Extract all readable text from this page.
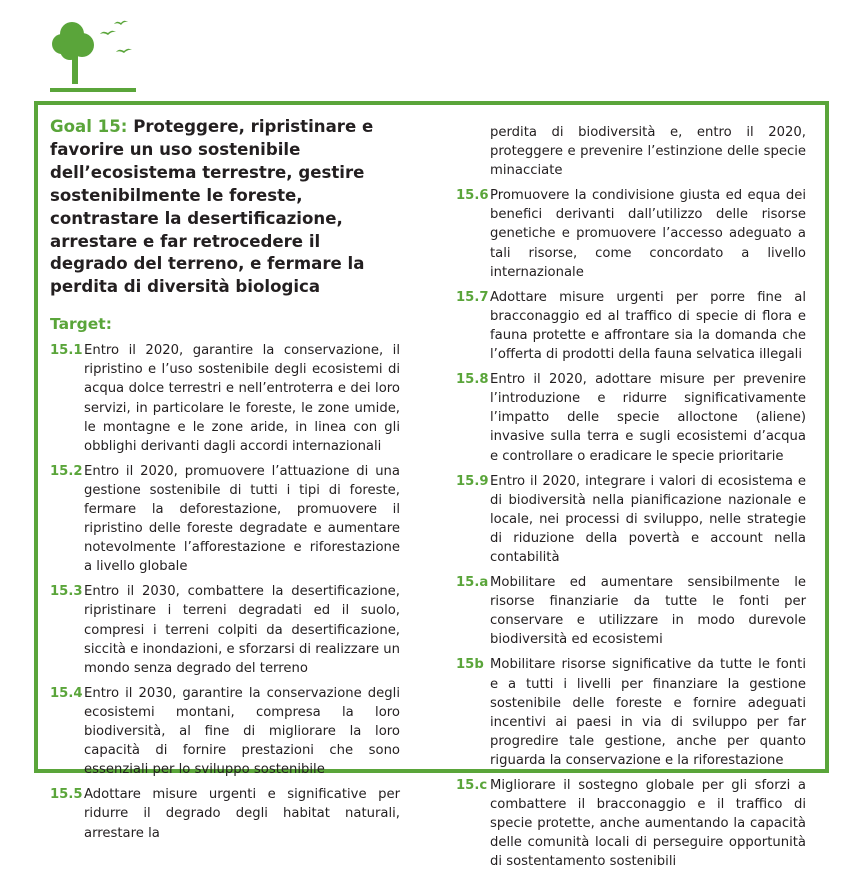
Goal 15: Proteggere, ripristinare e favorire un uso sostenibile dell’ecosistema terrestre, gestire sostenibilmente le foreste, contrastare la desertificazione, arrestare e far retrocedere il degrado del terreno, e fermare la perdita di diversità biologica
Target:
15.1 Entro il 2020, garantire la conservazione, il ripristino e l’uso sostenibile degli ecosistemi di acqua dolce terrestri e nell’entroterra e dei loro servizi, in particolare le foreste, le zone umide, le montagne e le zone aride, in linea con gli obblighi derivanti dagli accordi internazionali
15.2 Entro il 2020, promuovere l’attuazione di una gestione sostenibile di tutti i tipi di foreste, fermare la deforestazione, promuovere il ripristino delle foreste degradate e aumentare notevolmente l’afforestazione e riforestazione a livello globale
15.3 Entro il 2030, combattere la desertificazione, ripristinare i terreni degradati ed il suolo, compresi i terreni colpiti da desertificazione, siccità e inondazioni, e sforzarsi di realizzare un mondo senza degrado del terreno
15.4 Entro il 2030, garantire la conservazione degli ecosistemi montani, compresa la loro biodiversità, al fine di migliorare la loro capacità di fornire prestazioni che sono essenziali per lo sviluppo sostenibile
15.5 Adottare misure urgenti e significative per ridurre il degrado degli habitat naturali, arrestare la
perdita di biodiversità e, entro il 2020, proteggere e prevenire l’estinzione delle specie minacciate
15.6 Promuovere la condivisione giusta ed equa dei benefici derivanti dall’utilizzo delle risorse genetiche e promuovere l’accesso adeguato a tali risorse, come concordato a livello internazionale
15.7 Adottare misure urgenti per porre fine al bracconaggio ed al traffico di specie di flora e fauna protette e affrontare sia la domanda che l’offerta di prodotti della fauna selvatica illegali
15.8 Entro il 2020, adottare misure per prevenire l’introduzione e ridurre significativamente l’impatto delle specie alloctone (aliene) invasive sulla terra e sugli ecosistemi d’acqua e controllare o eradicare le specie prioritarie
15.9 Entro il 2020, integrare i valori di ecosistema e di biodiversità nella pianificazione nazionale e locale, nei processi di sviluppo, nelle strategie di riduzione della povertà e account nella contabilità
15.a Mobilitare ed aumentare sensibilmente le risorse finanziarie da tutte le fonti per conservare e utilizzare in modo durevole biodiversità ed ecosistemi
15b Mobilitare risorse significative da tutte le fonti e a tutti i livelli per finanziare la gestione sostenibile delle foreste e fornire adeguati incentivi ai paesi in via di sviluppo per far progredire tale gestione, anche per quanto riguarda la conservazione e la riforestazione
15.c Migliorare il sostegno globale per gli sforzi a combattere il bracconaggio e il traffico di specie protette, anche aumentando la capacità delle comunità locali di perseguire opportunità di sostentamento sostenibili
